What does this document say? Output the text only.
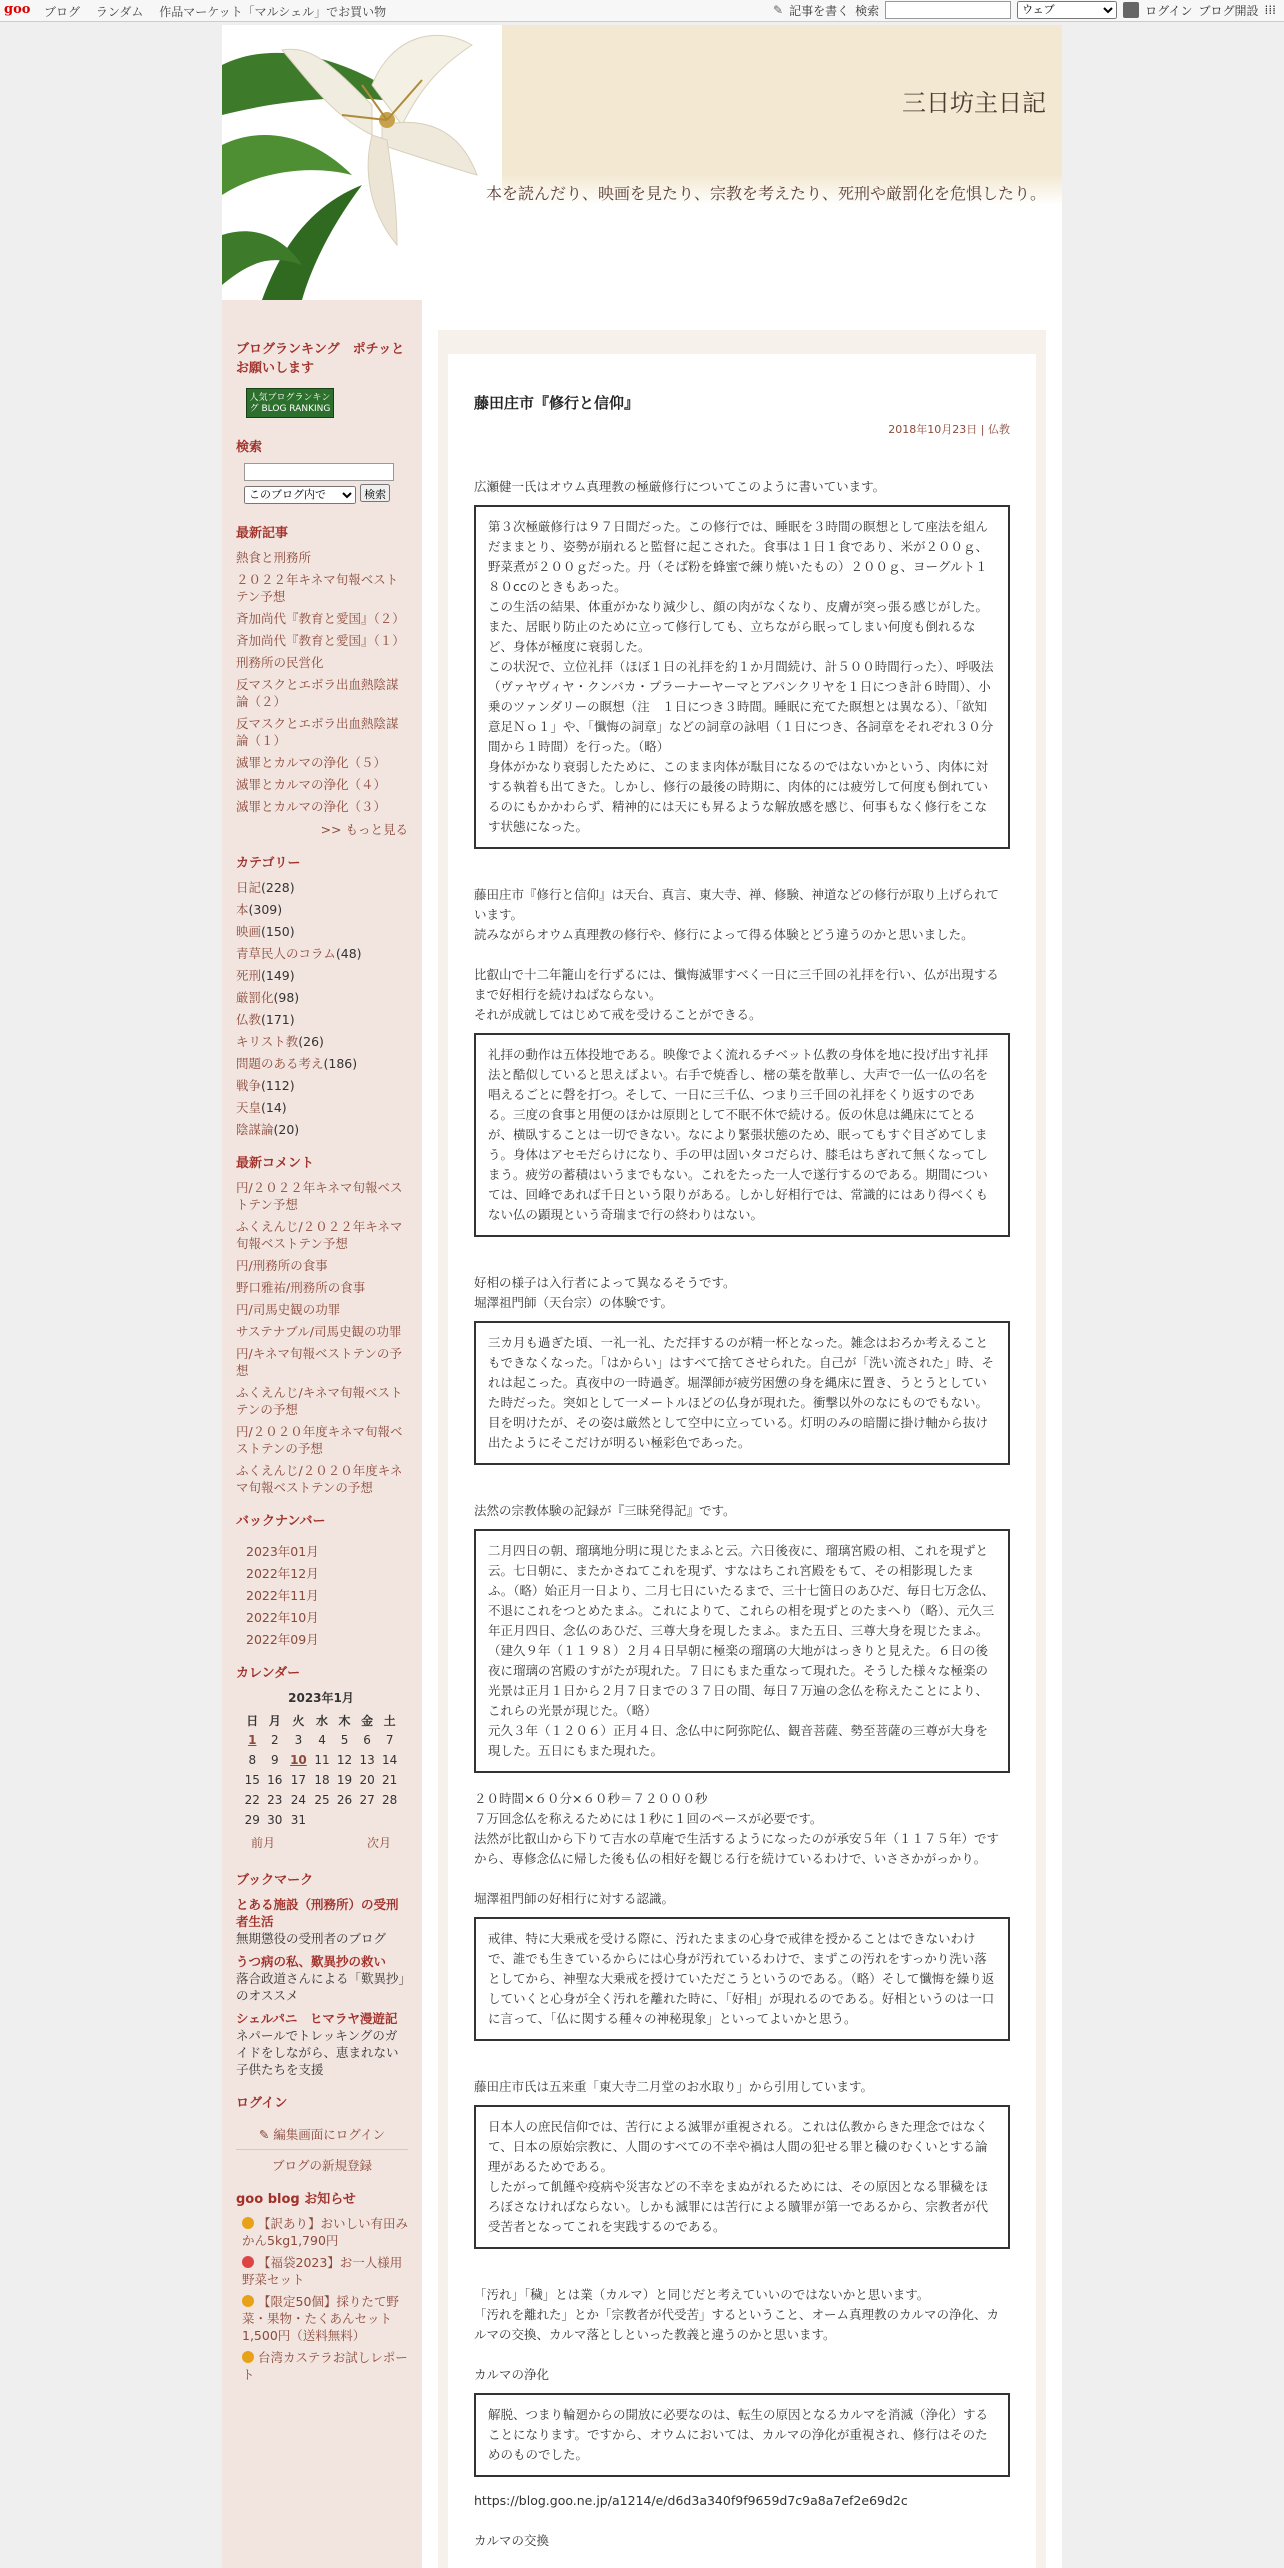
goo ブログ ランダム 作品マーケット「マルシェル」でお買い物	✎ 記事を書く 検索
ウェブ	ログイン ブログ開設 ⁞⁞⁞
三日坊主日記
本を読んだり、映画を見たり、宗教を考えたり、死刑や厳罰化を危惧したり。
ブログランキング　ポチッとお願いします
人気ブログランキング BLOG RANKING
検索

このブログ内で 検索
最新記事
熱食と刑務所
２０２２年キネマ旬報ベストテン予想
斉加尚代『教育と愛国』（２）
斉加尚代『教育と愛国』（１）
刑務所の民営化
反マスクとエボラ出血熱陰謀論（２）
反マスクとエボラ出血熱陰謀論（１）
滅罪とカルマの浄化（５）
滅罪とカルマの浄化（４）
滅罪とカルマの浄化（３）
>> もっと見る
カテゴリー
日記(228)
本(309)
映画(150)
青草民人のコラム(48)
死刑(149)
厳罰化(98)
仏教(171)
キリスト教(26)
問題のある考え(186)
戦争(112)
天皇(14)
陰謀論(20)
最新コメント
円/２０２２年キネマ旬報ベストテン予想
ふくえんじ/２０２２年キネマ旬報ベストテン予想
円/刑務所の食事
野口雅祐/刑務所の食事
円/司馬史観の功罪
サステナブル/司馬史観の功罪
円/キネマ旬報ベストテンの予想
ふくえんじ/キネマ旬報ベストテンの予想
円/２０２０年度キネマ旬報ベストテンの予想
ふくえんじ/２０２０年度キネマ旬報ベストテンの予想
バックナンバー
2023年01月
2022年12月
2022年11月
2022年10月
2022年09月
カレンダー
2023年1月
日	月	火	水	木	金	土
1	2	3	4	5	6	7
8	9	10	11	12	13	14
15	16	17	18	19	20	21
22	23	24	25	26	27	28
29	30	31				
前月	次月
ブックマーク
とある施設（刑務所）の受刑者生活
無期懲役の受刑者のブログ
うつ病の私、歎異抄の救い
落合政道さんによる「歎異抄」のオススメ
シェルパニ　ヒマラヤ漫遊記
ネパールでトレッキングのガイドをしながら、恵まれない子供たちを支援
ログイン
✎ 編集画面にログイン
ブログの新規登録
goo blog お知らせ
【訳あり】おいしい有田みかん5kg1,790円
【福袋2023】お一人様用野菜セット
【限定50個】採りたて野菜・果物・たくあんセット1,500円（送料無料）
台湾カステラお試しレポート
藤田庄市『修行と信仰』
2018年10月23日 | 仏教

広瀬健一氏はオウム真理教の極厳修行についてこのように書いています。

第３次極厳修行は９７日間だった。この修行では、睡眠を３時間の瞑想として座法を組んだままとり、姿勢が崩れると監督に起こされた。食事は１日１食であり、米が２００ｇ、野菜煮が２００ｇだった。丹（そば粉を蜂蜜で練り焼いたもの）２００ｇ、ヨーグルト１８０ccのときもあった。
この生活の結果、体重がかなり減少し、顔の肉がなくなり、皮膚が突っ張る感じがした。また、居眠り防止のために立って修行しても、立ちながら眠ってしまい何度も倒れるなど、身体が極度に衰弱した。
この状況で、立位礼拝（ほぼ１日の礼拝を約１か月間続け、計５００時間行った）、呼吸法（ヴァヤヴィヤ・クンバカ・プラーナーヤーマとアパンクリヤを１日につき計６時間）、小乗のツァンダリーの瞑想（注　１日につき３時間。睡眠に充てた瞑想とは異なる）、「欲知意足Ｎｏ１」や、「懺悔の詞章」などの詞章の詠唱（１日につき、各詞章をそれぞれ３０分間から１時間）を行った。（略）
身体がかなり衰弱したために、このまま肉体が駄目になるのではないかという、肉体に対する執着も出てきた。しかし、修行の最後の時期に、肉体的には疲労して何度も倒れているのにもかかわらず、精神的には天にも昇るような解放感を感じ、何事もなく修行をこなす状態になった。

藤田庄市『修行と信仰』は天台、真言、東大寺、禅、修験、神道などの修行が取り上げられています。
読みながらオウム真理教の修行や、修行によって得る体験とどう違うのかと思いました。

比叡山で十二年籠山を行ずるには、懺悔滅罪すべく一日に三千回の礼拝を行い、仏が出現するまで好相行を続けねばならない。
それが成就してはじめて戒を受けることができる。

礼拝の動作は五体投地である。映像でよく流れるチベット仏教の身体を地に投げ出す礼拝法と酷似していると思えばよい。右手で焼香し、樒の葉を散華し、大声で一仏一仏の名を唱えるごとに磬を打つ。そして、一日に三千仏、つまり三千回の礼拝をくり返すのである。三度の食事と用便のほかは原則として不眠不休で続ける。仮の休息は縄床にてとるが、横臥することは一切できない。なにより緊張状態のため、眠ってもすぐ目ざめてしまう。身体はアセモだらけになり、手の甲は固いタコだらけ、膝毛はちぎれて無くなってしまう。疲労の蓄積はいうまでもない。これをたった一人で遂行するのである。期間については、回峰であれば千日という限りがある。しかし好相行では、常識的にはあり得べくもない仏の顕現という奇瑞まで行の終わりはない。

好相の様子は入行者によって異なるそうです。
堀澤祖門師（天台宗）の体験です。

三カ月も過ぎた頃、一礼一礼、ただ拝するのが精一杯となった。雑念はおろか考えることもできなくなった。「はからい」はすべて捨てさせられた。自己が「洗い流された」時、それは起こった。真夜中の一時過ぎ。堀澤師が疲労困憊の身を縄床に置き、うとうとしていた時だった。突如として一メートルほどの仏身が現れた。衝撃以外のなにものでもない。目を明けたが、その姿は厳然として空中に立っている。灯明のみの暗闇に掛け軸から抜け出たようにそこだけが明るい極彩色であった。

法然の宗教体験の記録が『三昧発得記』です。

二月四日の朝、瑠璃地分明に現じたまふと云。六日後夜に、瑠璃宮殿の相、これを現ずと云。七日朝に、またかさねてこれを現ず、すなはちこれ宮殿をもて、その相影現したまふ。（略）始正月一日より、二月七日にいたるまで、三十七箇日のあひだ、毎日七万念仏、不退にこれをつとめたまふ。これによりて、これらの相を現ずとのたまへり（略）、元久三年正月四日、念仏のあひだ、三尊大身を現したまふ。また五日、三尊大身を現じたまふ。（建久９年（１１９８）２月４日早朝に極楽の瑠璃の大地がはっきりと見えた。６日の後夜に瑠璃の宮殿のすがたが現れた。７日にもまた重なって現れた。そうした様々な極楽の光景は正月１日から２月７日までの３７日の間、毎日７万遍の念仏を称えたことにより、これらの光景が現じた。（略）
元久３年（１２０６）正月４日、念仏中に阿弥陀仏、観音菩薩、勢至菩薩の三尊が大身を現した。五日にもまた現れた。

２０時間×６０分×６０秒＝７２０００秒
７万回念仏を称えるためには１秒に１回のペースが必要です。
法然が比叡山から下りて吉水の草庵で生活するようになったのが承安５年（１１７５年）ですから、専修念仏に帰した後も仏の相好を観じる行を続けているわけで、いささかがっかり。

堀澤祖門師の好相行に対する認識。

戒律、特に大乗戒を受ける際に、汚れたままの心身で戒律を授かることはできないわけで、誰でも生きているからには心身が汚れているわけで、まずこの汚れをすっかり洗い落としてから、神聖な大乗戒を授けていただこうというのである。（略）そして懺悔を繰り返していくと心身が全く汚れを離れた時に、「好相」が現れるのである。好相というのは一口に言って、「仏に関する種々の神秘現象」といってよいかと思う。

藤田庄市氏は五来重「東大寺二月堂のお水取り」から引用しています。

日本人の庶民信仰では、苦行による滅罪が重視される。これは仏教からきた理念ではなくて、日本の原始宗教に、人間のすべての不幸や禍は人間の犯せる罪と穢のむくいとする論理があるためである。
したがって飢饉や疫病や災害などの不幸をまぬがれるためには、その原因となる罪穢をほろぼさなければならない。しかも滅罪には苦行による贖罪が第一であるから、宗教者が代受苦者となってこれを実践するのである。

「汚れ」「穢」とは業（カルマ）と同じだと考えていいのではないかと思います。
「汚れを離れた」とか「宗教者が代受苦」するということ、オーム真理教のカルマの浄化、カルマの交換、カルマ落としといった教義と違うのかと思います。

カルマの浄化

解脱、つまり輪廻からの開放に必要なのは、転生の原因となるカルマを消滅（浄化）することになります。ですから、オウムにおいては、カルマの浄化が重視され、修行はそのためのものでした。

https://blog.goo.ne.jp/a1214/e/d6d3a340f9f9659d7c9a8a7ef2e69d2c

カルマの交換
